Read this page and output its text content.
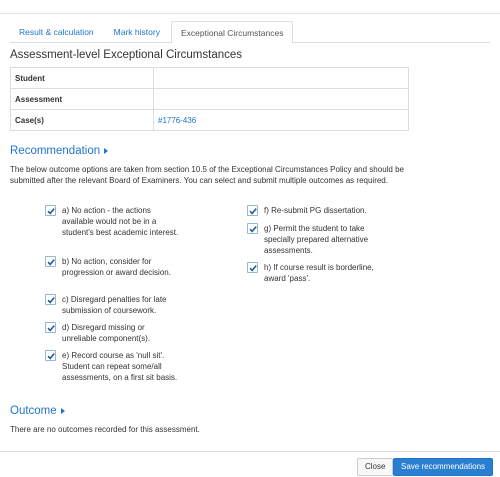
Result & calculation	Mark history	Exceptional Circumstances
Assessment-level Exceptional Circumstances
Student	
Assessment	
Case(s)	#1776-436
Recommendation
The below outcome options are taken from section 10.5 of the Exceptional Circumstances Policy and should be submitted after the relevant Board of Examiners. You can select and submit multiple outcomes as required.
a) No action - the actions available would not be in a student's best academic interest.
b) No action, consider for progression or award decision.
c) Disregard penalties for late submission of coursework.
d) Disregard missing or unreliable component(s).
e) Record course as 'null sit'. Student can repeat some/all assessments, on a first sit basis.
f) Re-submit PG dissertation.
g) Permit the student to take specially prepared alternative assessments.
h) If course result is borderline, award 'pass'.
Outcome
There are no outcomes recorded for this assessment.
Close	Save recommendations
